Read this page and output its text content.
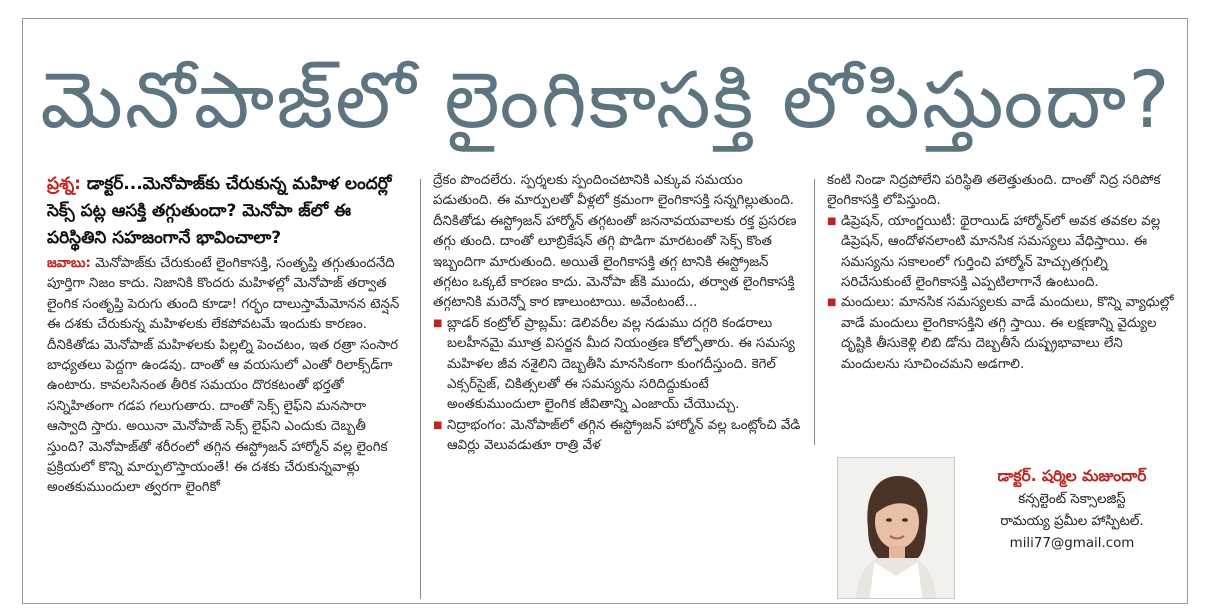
మెనోపాజ్‌లో లైంగికాసక్తి లోపిస్తుందా?

ప్రశ్న: డాక్టర్...మెనోపాజ్‌కు చేరుకున్న మహిళ లందర్లో సెక్స్ పట్ల ఆసక్తి తగ్గుతుందా? మెనోపా జ్‌లో ఈ పరిస్థితిని సహజంగానే భావించాలా?

జవాబు: మెనోపాజ్‌కు చేరుకుంటే లైంగికాసక్తి, సంతృప్తి తగ్గుతుందనేది పూర్తిగా నిజం కాదు. నిజానికి కొందరు మహిళల్లో మెనోపాజ్ తర్వాత లైంగిక సంతృప్తి పెరుగు తుంది కూడా! గర్భం దాలుస్తామేమోనన టెన్షన్ ఈ దశకు చేరుకున్న మహిళలకు లేకపోవటమే ఇందుకు కారణం. దీనికితోడు మెనోపాజ్ మహిళలకు పిల్లల్ని పెంచటం, ఇత రత్రా సంసార బాధ్యతలు పెద్దగా ఉండవు. దాంతో ఆ వయసులో ఎంతో రిలాక్స్‌డ్‌గా ఉంటారు. కావలసినంత తీరిక సమయం దొరకటంతో భర్తతో సన్నిహితంగా గడప గలుగుతారు. దాంతో సెక్స్ లైఫ్‌ని మనసారా ఆస్వాది స్తారు. అయినా మెనోపాజ్ సెక్స్ లైఫ్‌ని ఎందుకు దెబ్బతీ స్తుంది? మెనోపాజ్‌తో శరీరంలో తగ్గిన ఈస్ట్రోజన్ హార్మోన్ వల్ల లైంగిక ప్రక్రియలో కొన్ని మార్పులొస్తాయంతే! ఈ దశకు చేరుకున్నవాళ్లు అంతకుముందులా త్వరగా లైంగికో

ద్రేకం పొందలేరు. స్పర్శలకు స్పందించటానికి ఎక్కువ సమయం పడుతుంది. ఈ మార్పులతో వీళ్లలో క్రమంగా లైంగికాసక్తి సన్నగిల్లుతుంది. దీనికితోడు ఈస్ట్రోజన్ హార్మోన్ తగ్గటంతో జననావయవాలకు రక్త ప్రసరణ తగ్గు తుంది. దాంతో లూబ్రికేషన్ తగ్గి పొడిగా మారటంతో సెక్స్ కొంత ఇబ్బందిగా మారుతుంది. అయితే లైంగికాసక్తి తగ్గ టానికి ఈస్ట్రోజన్ తగ్గటం ఒక్కటే కారణం కాదు. మెనోపా జ్‌కి ముందు, తర్వాత లైంగికాసక్తి తగ్గటానికి మరెన్నో కార ణాలుంటాయి. అవేంటంటే...

■ బ్లాడర్ కంట్రోల్ ప్రాబ్లమ్: డెలివరీల వల్ల నడుము దగ్గరి కండరాలు బలహీనమై మూత్ర విసర్జన మీద నియంత్రణ కోల్పోతారు. ఈ సమస్య మహిళల జీవ నశైలిని దెబ్బతీసి మానసికంగా కుంగదీస్తుంది. కెగెల్ ఎక్సర్‌సైజ్, చికిత్సలతో ఈ సమస్యను సరిదిద్దుకుంటే అంతకుముందులా లైంగిక జీవితాన్ని ఎంజాయ్ చేయొచ్చు.

■ నిద్రాభంగం: మెనోపాజ్‌లో తగ్గిన ఈస్ట్రోజన్ హార్మోన్ వల్ల ఒంట్లోంచి వేడి ఆవిర్లు వెలువడుతూ రాత్రి వేళ

కంటి నిండా నిద్రపోలేని పరిస్థితి తలెత్తుతుంది. దాంతో నిద్ర సరిపోక లైంగికాసక్తి లోపిస్తుంది.

■ డిప్రెషన్, యాంగ్జయిటీ: థైరాయిడ్ హార్మోన్‌లో అవక తవకల వల్ల డిప్రెషన్, ఆందోళనలాంటి మానసిక సమస్యలు వేధిస్తాయి. ఈ సమస్యను సకాలంలో గుర్తించి హార్మోన్ హెచ్చుతగ్గుల్ని సరిచేసుకుంటే లైంగికాసక్తి ఎప్పటిలాగానే ఉంటుంది.

■ మందులు: మానసిక సమస్యలకు వాడే మందులు, కొన్ని వ్యాధుల్లో వాడే మందులు లైంగికాసక్తిని తగ్గి స్తాయి. ఈ లక్షణాన్ని వైద్యుల దృష్టికి తీసుకెళ్లి లిబి డోను దెబ్బతీసే దుష్ప్రభావాలు లేని మందులను సూచించమని అడగాలి.

డాక్టర్. షర్మిల మజుందార్
కన్సల్టెంట్ సెక్సాలజిస్ట్
రామయ్య ప్రమీల హాస్పిటల్.
mili77@gmail.com
